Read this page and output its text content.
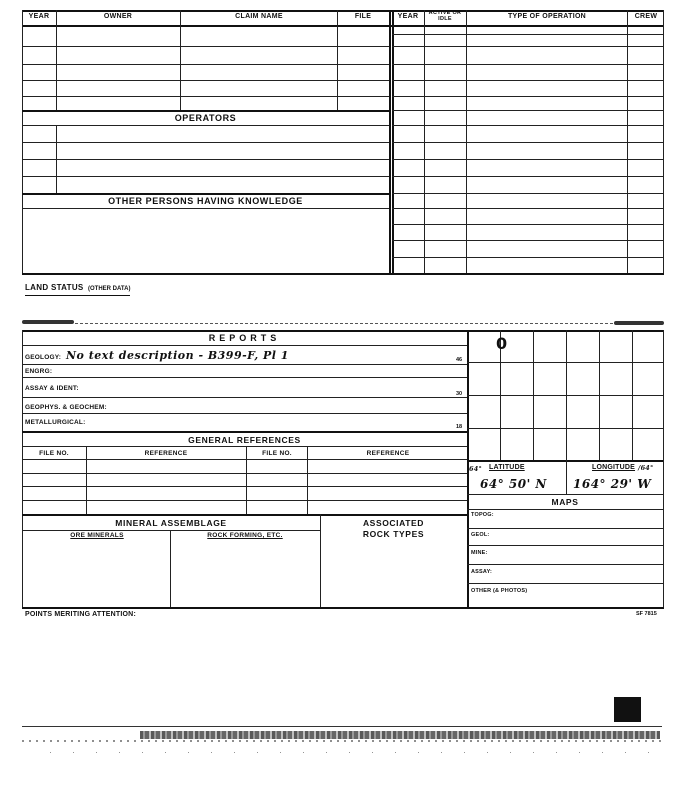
YEAR	OWNER	CLAIM NAME	FILE	YEAR	ACTIVE OR IDLE	TYPE OF OPERATION	CREW
OPERATORS
OTHER PERSONS HAVING KNOWLEDGE
LAND STATUS (OTHER DATA)
REPORTS
GEOLOGY: No text description - B399-F, Pl 1	46
ENGRG:
ASSAY & IDENT:
30
GEOPHYS. & GEOCHEM:
METALLURGICAL:
18
GENERAL REFERENCES
FILE NO.	REFERENCE	FILE NO.	REFERENCE
MINERAL ASSEMBLAGE
ORE MINERALS	ROCK FORMING, ETC.
ASSOCIATED
ROCK TYPES
0
64° LATITUDE	LONGITUDE /64°
64° 50' N 164° 29' W
MAPS
TOPOG:
GEOL:
MINE:
ASSAY:
OTHER (& PHOTOS)
POINTS MERITING ATTENTION:	SF 7815
